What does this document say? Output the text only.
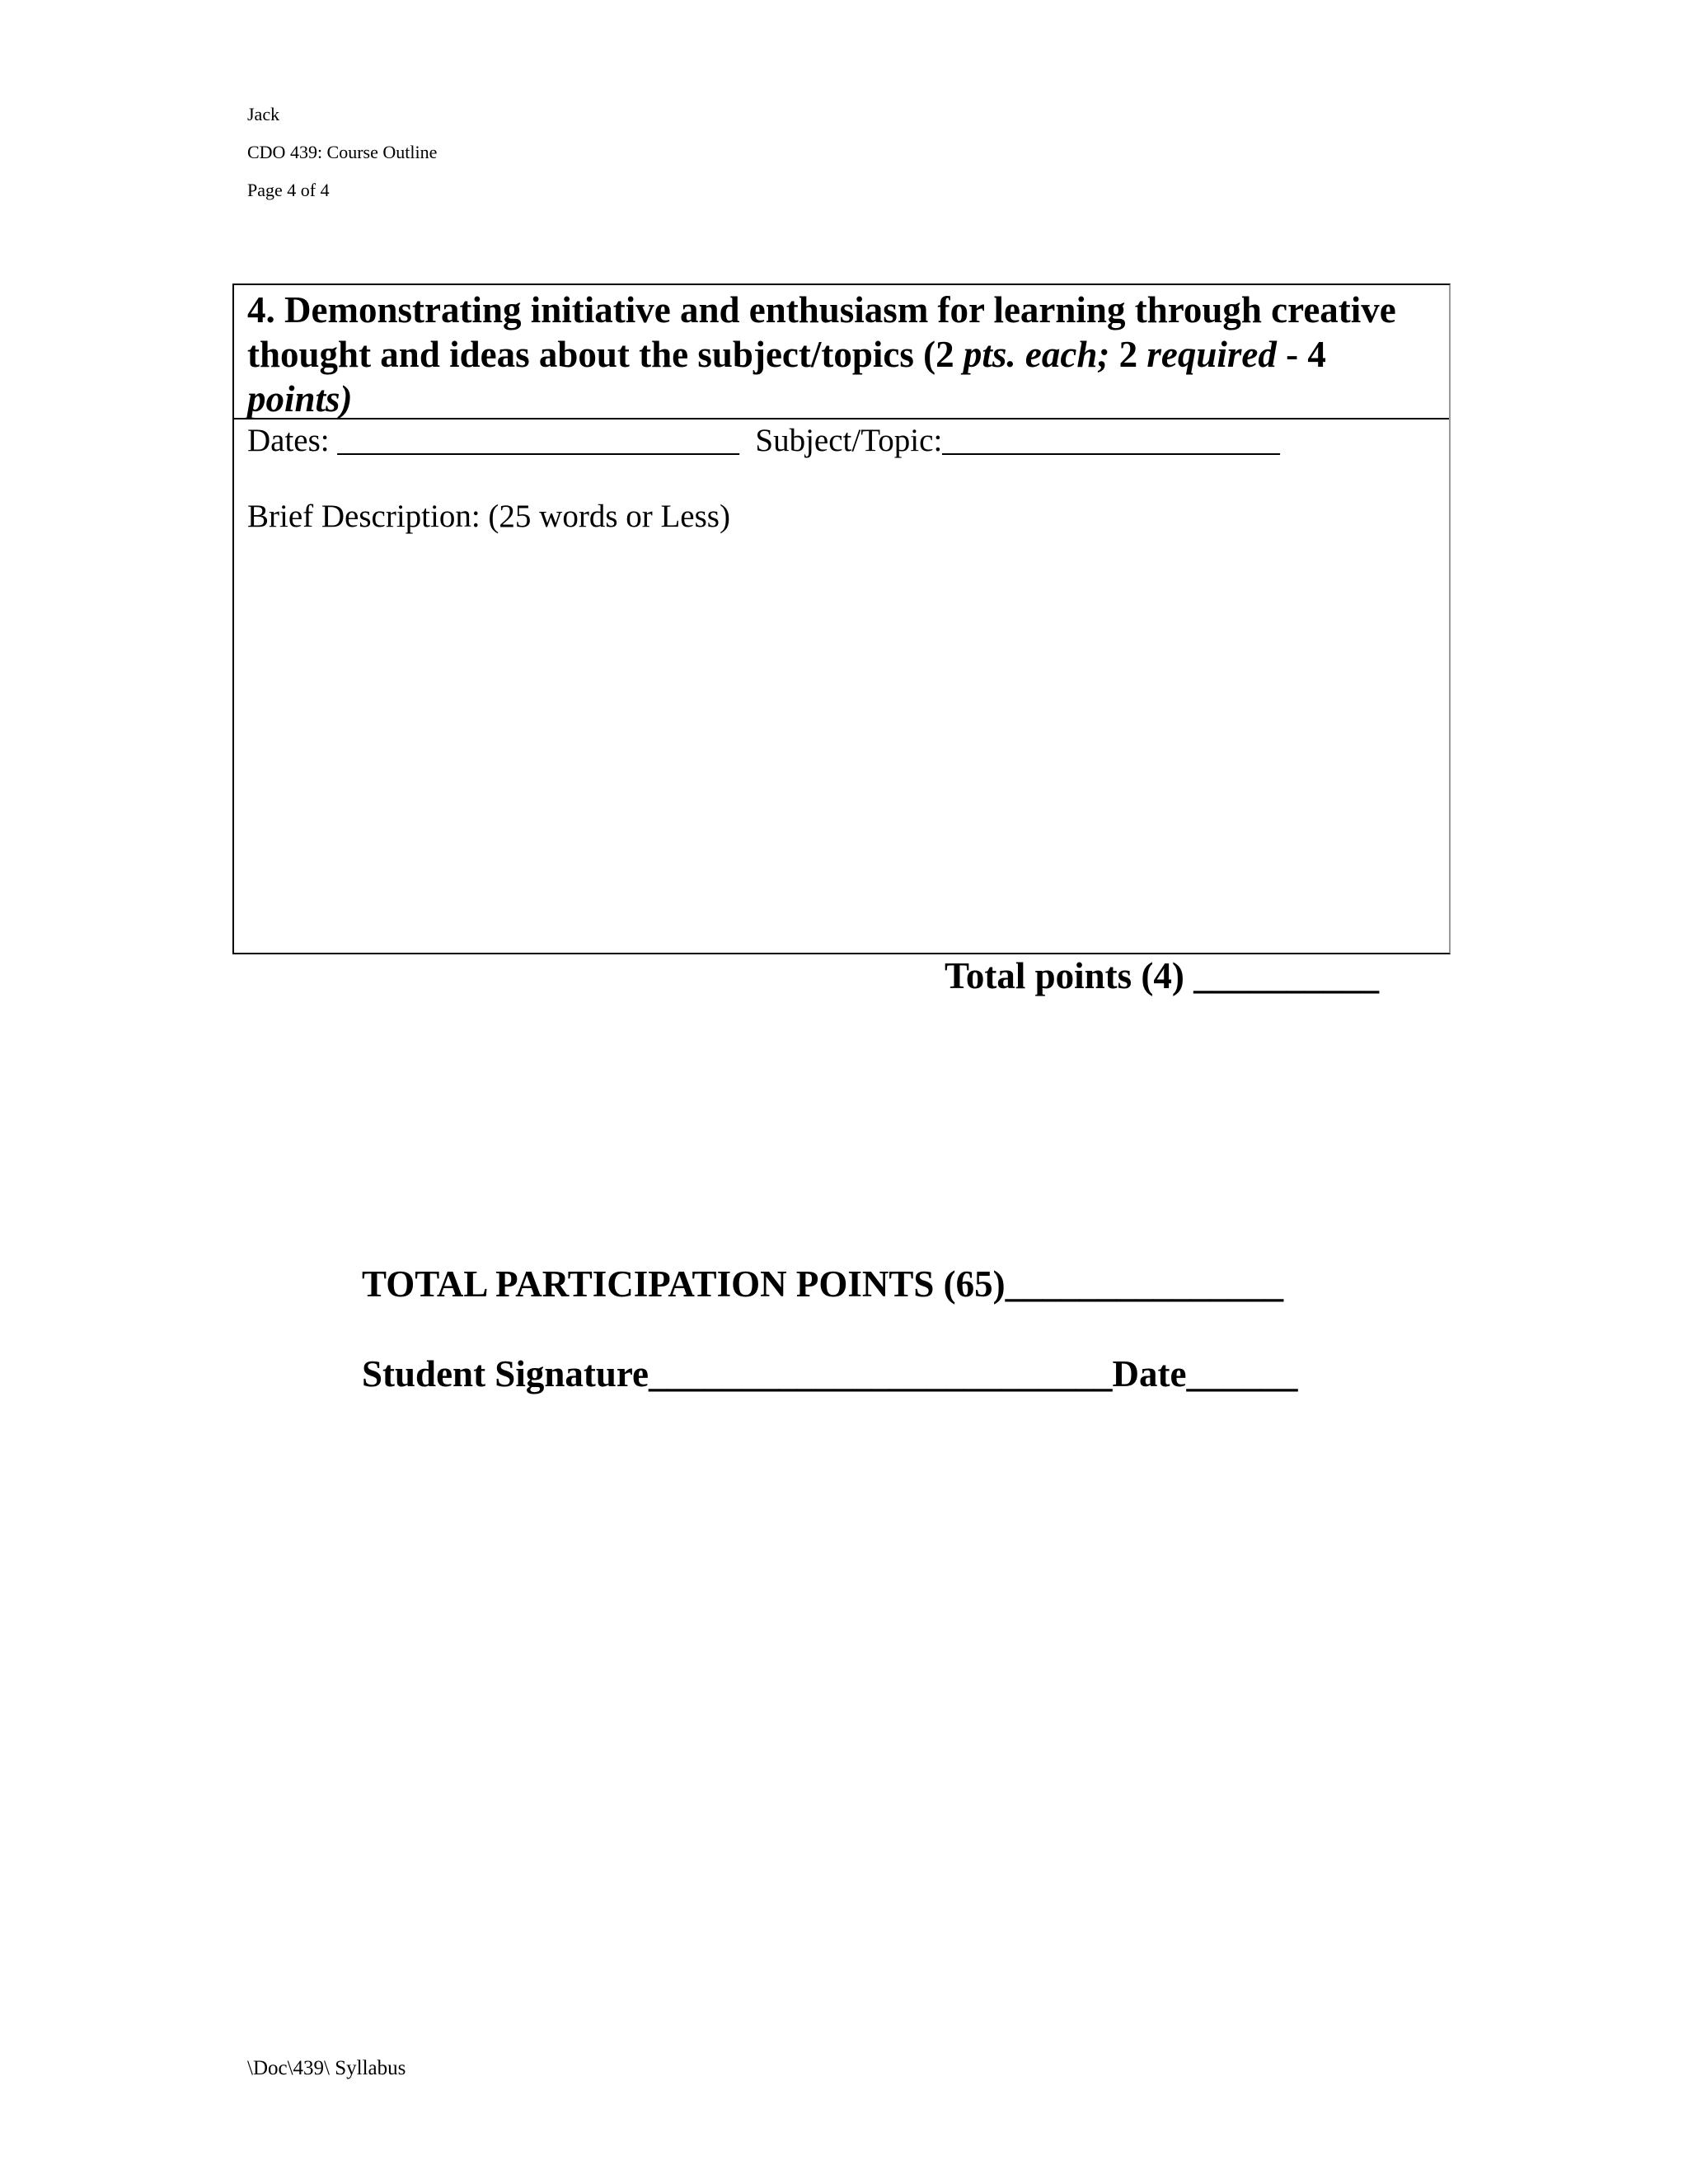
Jack
CDO 439: Course Outline
Page 4 of 4
4. Demonstrating initiative and enthusiasm for learning through creative thought and ideas about the subject/topics (2 pts. each; 2 required - 4 points)
Dates: _________________________  Subject/Topic:_____________________
Brief Description: (25 words or Less)
Total points (4) __________
TOTAL PARTICIPATION POINTS (65)_______________
Student Signature_________________________Date______
\Doc\439\ Syllabus
